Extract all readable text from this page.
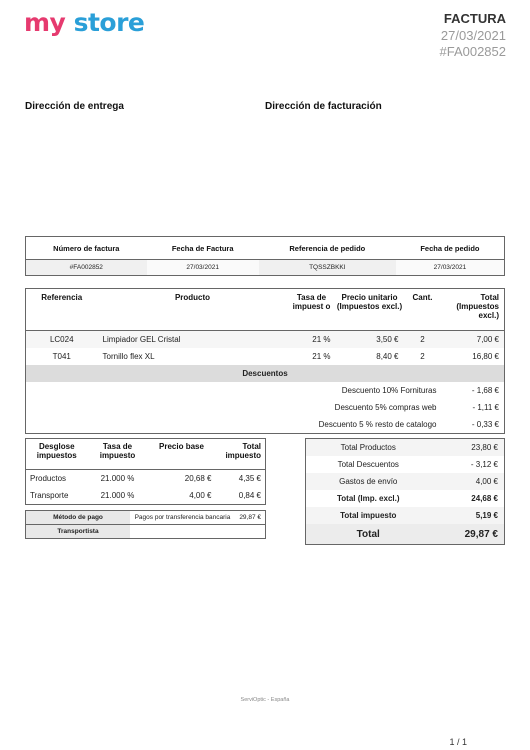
my store	FACTURA
27/03/2021
#FA002852
Dirección de entrega	Dirección de facturación
Número de factura	Fecha de Factura	Referencia de pedido	Fecha de pedido
#FA002852	27/03/2021	TQSSZBKKI	27/03/2021
Referencia	Producto	Tasa de impuest o	Precio unitario (Impuestos excl.)	Cant.	Total (Impuestos excl.)
LC024	Limpiador GEL Cristal	21 %	3,50 €	2	7,00 €
T041	Tornillo flex XL	21 %	8,40 €	2	16,80 €
Descuentos					
Descuento 10% Fornituras					- 1,68 €
Descuento 5% compras web					- 1,11 €
Descuento 5 % resto de catalogo					- 0,33 €
Desglose impuestos	Tasa de impuesto	Precio base	Total impuesto
Productos	21.000 %	20,68 €	4,35 €
Transporte	21.000 %	4,00 €	0,84 €
Método de pago	Pagos por transferencia bancaria	29,87 €
Transportista		
Total Productos	23,80 €
Total Descuentos	- 3,12 €
Gastos de envío	4,00 €
Total (Imp. excl.)	24,68 €
Total impuesto	5,19 €
Total	29,87 €
ServiOptic - España
1 / 1
